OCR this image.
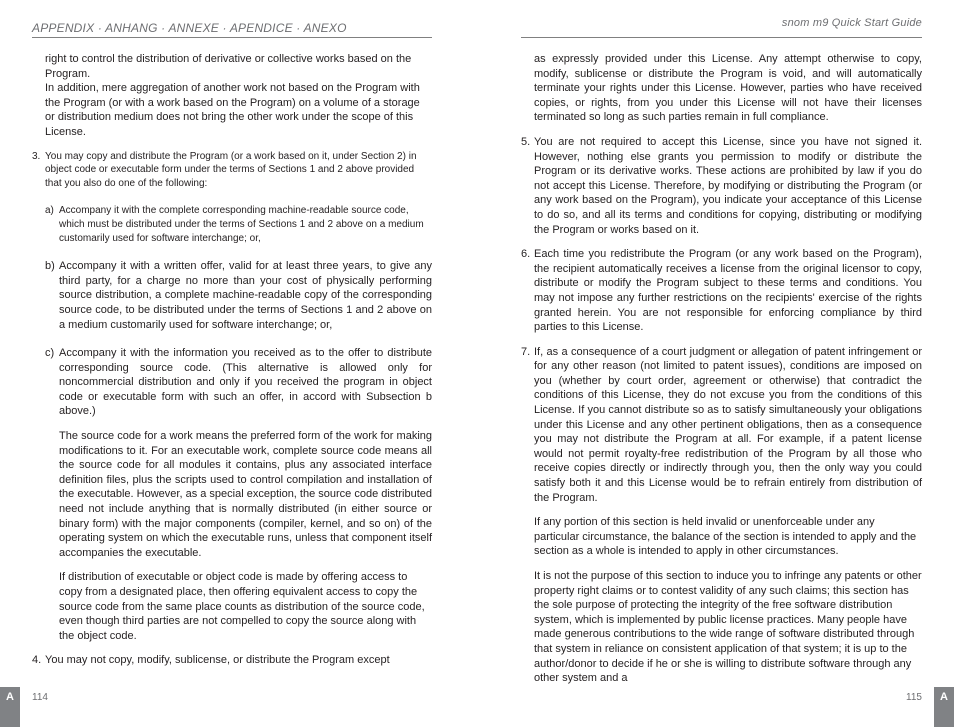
APPENDIX · ANHANG · ANNEXE · APENDICE · ANEXO	snom m9 Quick Start Guide

right to control the distribution of derivative or collective works based on the Program.

In addition, mere aggregation of another work not based on the Program with the Program (or with a work based on the Program) on a volume of a storage or distribution medium does not bring the other work under the scope of this License.

3. You may copy and distribute the Program (or a work based on it, under Section 2) in object code or executable form under the terms of Sections 1 and 2 above provided that you also do one of the following:
a) Accompany it with the complete corresponding machine-readable source code, which must be distributed under the terms of Sections 1 and 2 above on a medium customarily used for software interchange; or,
b) Accompany it with a written offer, valid for at least three years, to give any third party, for a charge no more than your cost of physically performing source distribution, a complete machine-readable copy of the corresponding source code, to be distributed under the terms of Sections 1 and 2 above on a medium customarily used for software interchange; or,
c) Accompany it with the information you received as to the offer to distribute corresponding source code. (This alternative is allowed only for noncommercial distribution and only if you received the program in object code or executable form with such an offer, in accord with Subsection b above.)

The source code for a work means the preferred form of the work for making modifications to it. For an executable work, complete source code means all the source code for all modules it contains, plus any associated interface definition files, plus the scripts used to control compilation and installation of the executable. However, as a special exception, the source code distributed need not include anything that is normally distributed (in either source or binary form) with the major components (compiler, kernel, and so on) of the operating system on which the executable runs, unless that component itself accompanies the executable.

If distribution of executable or object code is made by offering access to copy from a designated place, then offering equivalent access to copy the source code from the same place counts as distribution of the source code, even though third parties are not compelled to copy the source along with the object code.

4. You may not copy, modify, sublicense, or distribute the Program except

as expressly provided under this License. Any attempt otherwise to copy, modify, sublicense or distribute the Program is void, and will automatically terminate your rights under this License. However, parties who have received copies, or rights, from you under this License will not have their licenses terminated so long as such parties remain in full compliance.

5. You are not required to accept this License, since you have not signed it. However, nothing else grants you permission to modify or distribute the Program or its derivative works. These actions are prohibited by law if you do not accept this License. Therefore, by modifying or distributing the Program (or any work based on the Program), you indicate your acceptance of this License to do so, and all its terms and conditions for copying, distributing or modifying the Program or works based on it.
6. Each time you redistribute the Program (or any work based on the Program), the recipient automatically receives a license from the original licensor to copy, distribute or modify the Program subject to these terms and conditions. You may not impose any further restrictions on the recipients' exercise of the rights granted herein. You are not responsible for enforcing compliance by third parties to this License.
7. If, as a consequence of a court judgment or allegation of patent infringement or for any other reason (not limited to patent issues), conditions are imposed on you (whether by court order, agreement or otherwise) that contradict the conditions of this License, they do not excuse you from the conditions of this License. If you cannot distribute so as to satisfy simultaneously your obligations under this License and any other pertinent obligations, then as a consequence you may not distribute the Program at all. For example, if a patent license would not permit royalty-free redistribution of the Program by all those who receive copies directly or indirectly through you, then the only way you could satisfy both it and this License would be to refrain entirely from distribution of the Program.

If any portion of this section is held invalid or unenforceable under any particular circumstance, the balance of the section is intended to apply and the section as a whole is intended to apply in other circumstances.

It is not the purpose of this section to induce you to infringe any patents or other property right claims or to contest validity of any such claims; this section has the sole purpose of protecting the integrity of the free software distribution system, which is implemented by public license practices. Many people have made generous contributions to the wide range of software distributed through that system in reliance on consistent application of that system; it is up to the author/donor to decide if he or she is willing to distribute software through any other system and a

A	114	A
115
